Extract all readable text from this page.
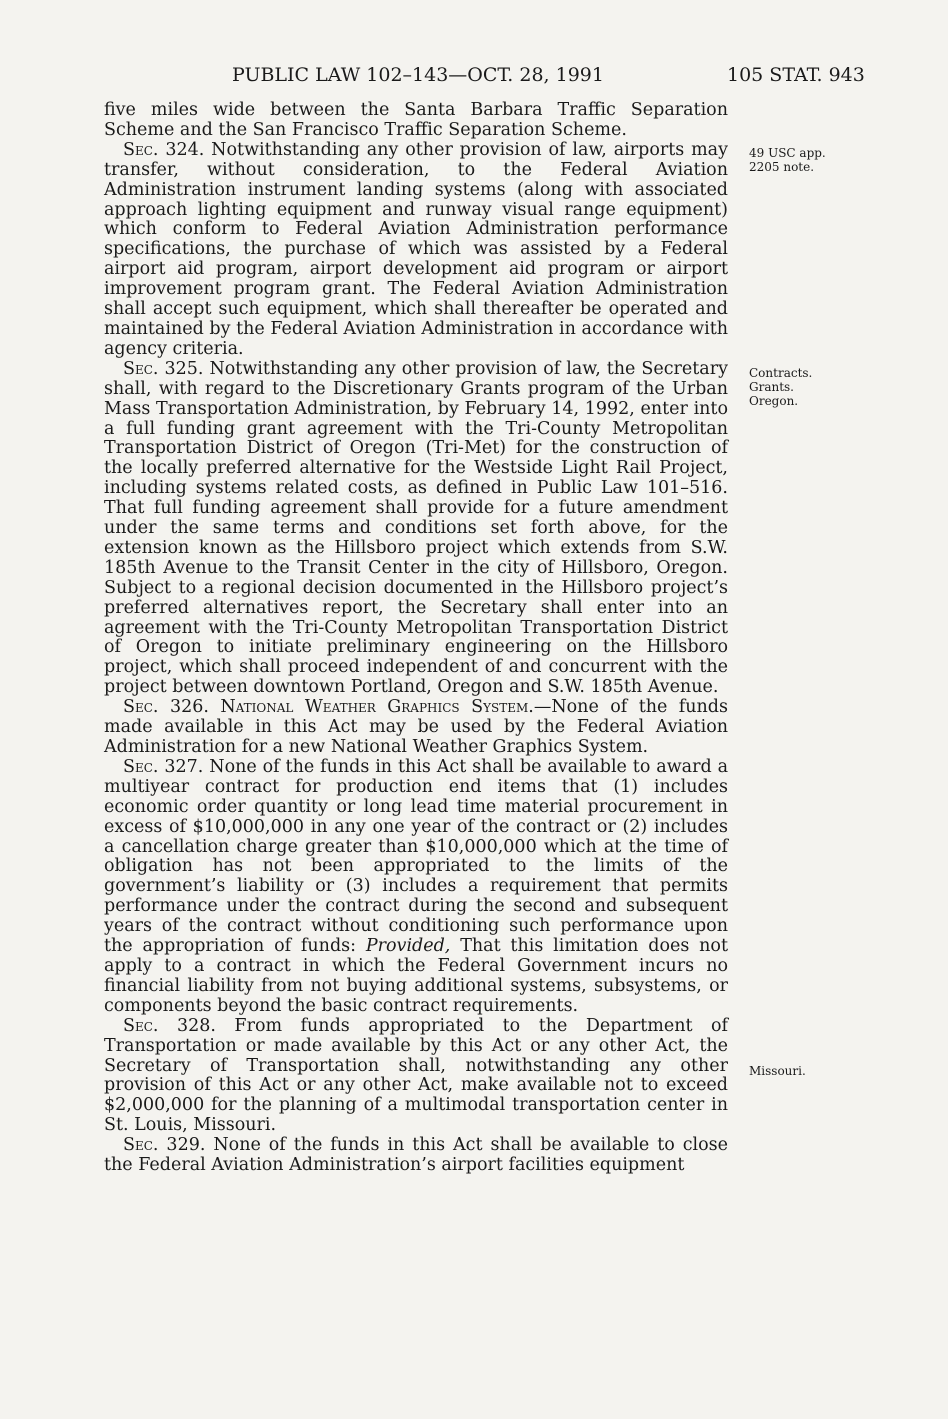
PUBLIC LAW 102–143—OCT. 28, 1991	105 STAT. 943
49 USC app.
2205 note.
Contracts.
Grants.
Oregon.
Missouri.

five miles wide between the Santa Barbara Traffic Separation Scheme and the San Francisco Traffic Separation Scheme.

Sec. 324. Notwithstanding any other provision of law, airports may transfer, without consideration, to the Federal Aviation Administration instrument landing systems (along with associated approach lighting equipment and runway visual range equipment) which conform to Federal Aviation Administration performance specifications, the purchase of which was assisted by a Federal airport aid program, airport development aid program or airport improvement program grant. The Federal Aviation Administration shall accept such equipment, which shall thereafter be operated and maintained by the Federal Aviation Administration in accordance with agency criteria.

Sec. 325. Notwithstanding any other provision of law, the Secretary shall, with regard to the Discretionary Grants program of the Urban Mass Transportation Administration, by February 14, 1992, enter into a full funding grant agreement with the Tri-County Metropolitan Transportation District of Oregon (Tri-Met) for the construction of the locally preferred alternative for the Westside Light Rail Project, including systems related costs, as defined in Public Law 101–516. That full funding agreement shall provide for a future amendment under the same terms and conditions set forth above, for the extension known as the Hillsboro project which extends from S.W. 185th Avenue to the Transit Center in the city of Hillsboro, Oregon. Subject to a regional decision documented in the Hillsboro project’s preferred alternatives report, the Secretary shall enter into an agreement with the Tri-County Metropolitan Transportation District of Oregon to initiate preliminary engineering on the Hillsboro project, which shall proceed independent of and concurrent with the project between downtown Portland, Oregon and S.W. 185th Avenue.

Sec. 326. National Weather Graphics System.—None of the funds made available in this Act may be used by the Federal Aviation Administration for a new National Weather Graphics System.

Sec. 327. None of the funds in this Act shall be available to award a multiyear contract for production end items that (1) includes economic order quantity or long lead time material procurement in excess of $10,000,000 in any one year of the contract or (2) includes a cancellation charge greater than $10,000,000 which at the time of obligation has not been appropriated to the limits of the government’s liability or (3) includes a requirement that permits performance under the contract during the second and subsequent years of the contract without conditioning such performance upon the appropriation of funds: Provided, That this limitation does not apply to a contract in which the Federal Government incurs no financial liability from not buying additional systems, subsystems, or components beyond the basic contract requirements.

Sec. 328. From funds appropriated to the Department of Transportation or made available by this Act or any other Act, the Secretary of Transportation shall, notwithstanding any other provision of this Act or any other Act, make available not to exceed $2,000,000 for the planning of a multimodal transportation center in St. Louis, Missouri.

Sec. 329. None of the funds in this Act shall be available to close the Federal Aviation Administration’s airport facilities equipment
